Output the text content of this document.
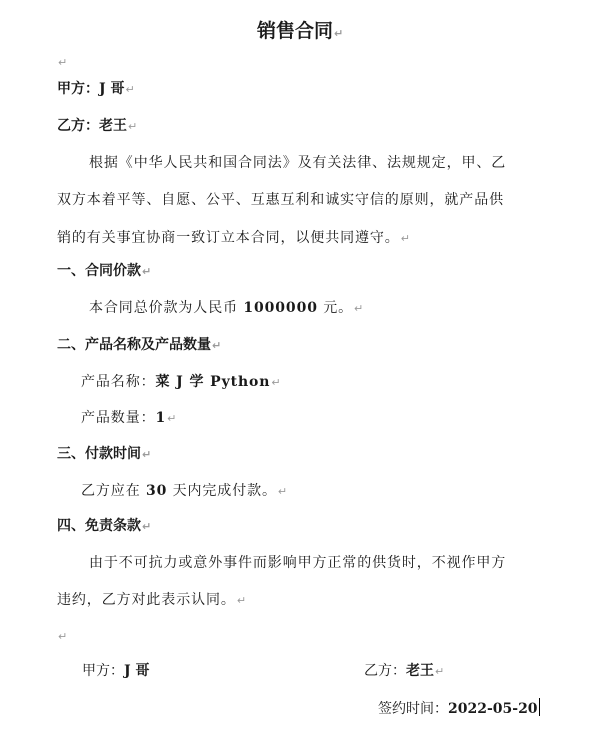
销售合同↵
↵
甲方：J 哥↵
乙方：老王↵
根据《中华人民共和国合同法》及有关法律、法规规定，甲、乙
双方本着平等、自愿、公平、互惠互利和诚实守信的原则，就产品供
销的有关事宜协商一致订立本合同，以便共同遵守。↵
一、合同价款↵
本合同总价款为人民币 1000000 元。↵
二、产品名称及产品数量↵
产品名称：菜 J 学 Python↵
产品数量：1↵
三、付款时间↵
乙方应在 30 天内完成付款。↵
四、免责条款↵
由于不可抗力或意外事件而影响甲方正常的供货时，不视作甲方
违约，乙方对此表示认同。↵
↵
甲方：J 哥	乙方：老王↵
签约时间：2022-05-20
